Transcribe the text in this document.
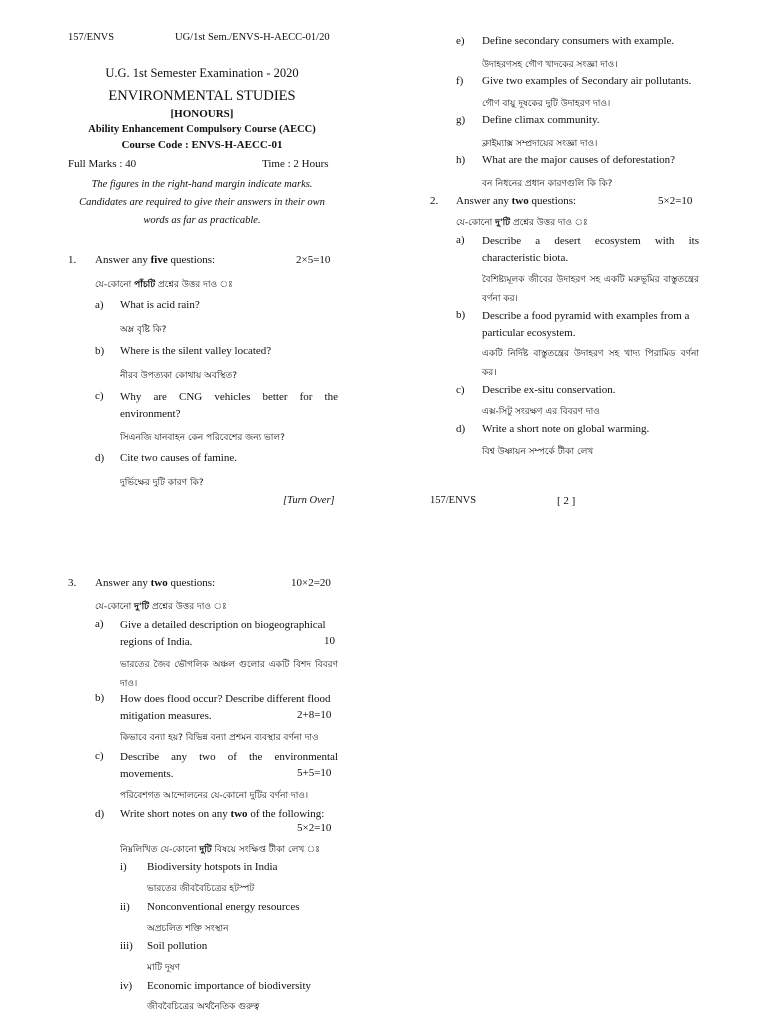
157/ENVS	UG/1st Sem./ENVS-H-AECC-01/20
U.G. 1st Semester Examination - 2020
ENVIRONMENTAL STUDIES
[HONOURS]
Ability Enhancement Compulsory Course (AECC)
Course Code : ENVS-H-AECC-01
Full Marks : 40	Time : 2 Hours
The figures in the right-hand margin indicate marks. Candidates are required to give their answers in their own words as far as practicable.
1. Answer any five questions:	2×5=10
যে-কোনো পাঁচটি প্রশ্নের উত্তর দাও ঃ
a) What is acid rain?
অম্ল বৃষ্টি কি?
b) Where is the silent valley located?
নীরব উপত্যকা কোথায় অবস্থিত?
c) Why are CNG vehicles better for the environment?
সিএনজি যানবাহন কেন পরিবেশের জন্য ভাল?
d) Cite two causes of famine.
দুর্ভিক্ষের দুটি কারণ কি?
[Turn Over]
e) Define secondary consumers with example.
উদাহরণসহ গৌণ খাদকের সংজ্ঞা দাও।
f) Give two examples of Secondary air pollutants.
গৌণ বায়ু দূষকের দুটি উদাহরণ দাও।
g) Define climax community.
ক্লাইম্যাক্স সম্প্রদায়ের সংজ্ঞা দাও।
h) What are the major causes of deforestation?
বন নিধনের প্রধান কারণগুলি কি কি?
2. Answer any two questions:	5×2=10
যে-কোনো দু'টি প্রশ্নের উত্তর দাও ঃ
a) Describe a desert ecosystem with its characteristic biota.
বৈশিষ্ট্যমূলক জীবের উদাহরণ সহ একটি মরুভূমির বাস্তুতন্ত্রের বর্ণনা কর।
b) Describe a food pyramid with examples from a particular ecosystem.
একটি নির্দিষ্ট বাস্তুতন্ত্রের উদাহরণ সহ খাদ্য পিরামিড বর্ণনা কর।
c) Describe ex-situ conservation.
এক্স-সিটু সংরক্ষণ এর বিবরণ দাও
d) Write a short note on global warming.
বিশ্ব উষ্ণায়ন সম্পর্কে টীকা লেখ
157/ENVS	[ 2 ]
3. Answer any two questions:	10×2=20
যে-কোনো দু'টি প্রশ্নের উত্তর দাও ঃ
a) Give a detailed description on biogeographical regions of India.	10
ভারতের জৈব ভৌগলিক অঞ্চল গুলোর একটি বিশদ বিবরণ দাও।
b) How does flood occur? Describe different flood mitigation measures.	2+8=10
কিভাবে বন্যা হয়? বিভিন্ন বন্যা প্রশমন ব্যবস্থার বর্ণনা দাও
c) Describe any two of the environmental movements.	5+5=10
পরিবেশগত আন্দোলনের যে-কোনো দুটির বর্ণনা দাও।
d) Write short notes on any two of the following:
5×2=10
নিম্নলিখিত যে-কোনো দুটি বিষয়ে সংক্ষিপ্ত টীকা লেখ ঃ
i) Biodiversity hotspots in India
ভারতের জীববৈচিত্রের হটস্পট
ii) Nonconventional energy resources
অপ্রচলিত শক্তি সংস্থান
iii) Soil pollution
মাটি দূষণ
iv) Economic importance of biodiversity
জীববৈচিত্রের অর্থনৈতিক গুরুত্ব
